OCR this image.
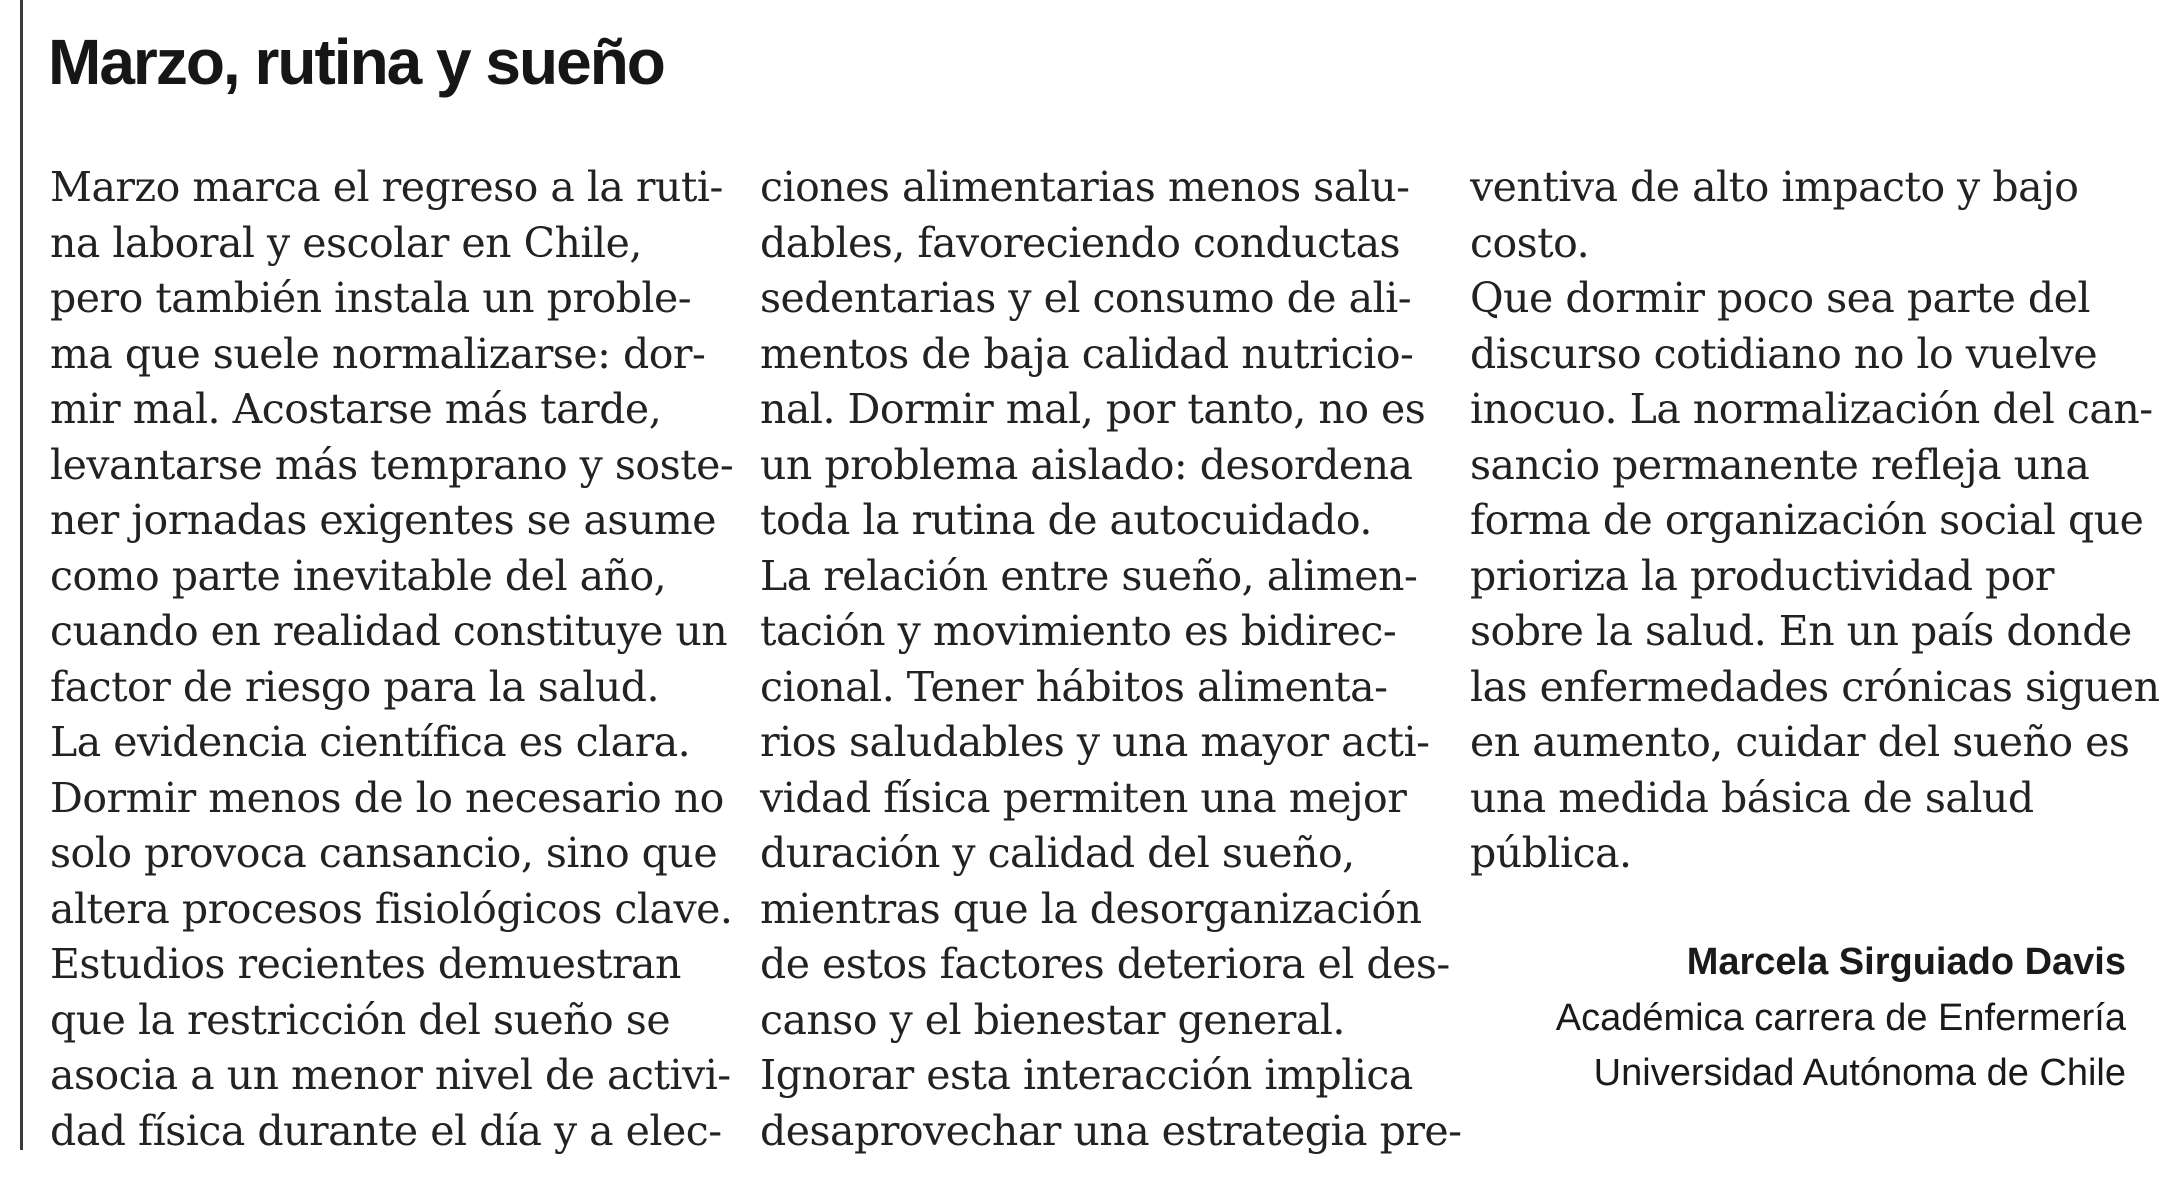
Marzo, rutina y sueño
Marzo marca el regreso a la ruti-
na laboral y escolar en Chile,
pero también instala un proble-
ma que suele normalizarse: dor-
mir mal. Acostarse más tarde,
levantarse más temprano y soste-
ner jornadas exigentes se asume
como parte inevitable del año,
cuando en realidad constituye un
factor de riesgo para la salud.
La evidencia científica es clara.
Dormir menos de lo necesario no
solo provoca cansancio, sino que
altera procesos fisiológicos clave.
Estudios recientes demuestran
que la restricción del sueño se
asocia a un menor nivel de activi-
dad física durante el día y a elec-
ciones alimentarias menos salu-
dables, favoreciendo conductas
sedentarias y el consumo de ali-
mentos de baja calidad nutricio-
nal. Dormir mal, por tanto, no es
un problema aislado: desordena
toda la rutina de autocuidado.
La relación entre sueño, alimen-
tación y movimiento es bidirec-
cional. Tener hábitos alimenta-
rios saludables y una mayor acti-
vidad física permiten una mejor
duración y calidad del sueño,
mientras que la desorganización
de estos factores deteriora el des-
canso y el bienestar general.
Ignorar esta interacción implica
desaprovechar una estrategia pre-
ventiva de alto impacto y bajo
costo.
Que dormir poco sea parte del
discurso cotidiano no lo vuelve
inocuo. La normalización del can-
sancio permanente refleja una
forma de organización social que
prioriza la productividad por
sobre la salud. En un país donde
las enfermedades crónicas siguen
en aumento, cuidar del sueño es
una medida básica de salud
pública.
Marcela Sirguiado Davis
Académica carrera de Enfermería
Universidad Autónoma de Chile
